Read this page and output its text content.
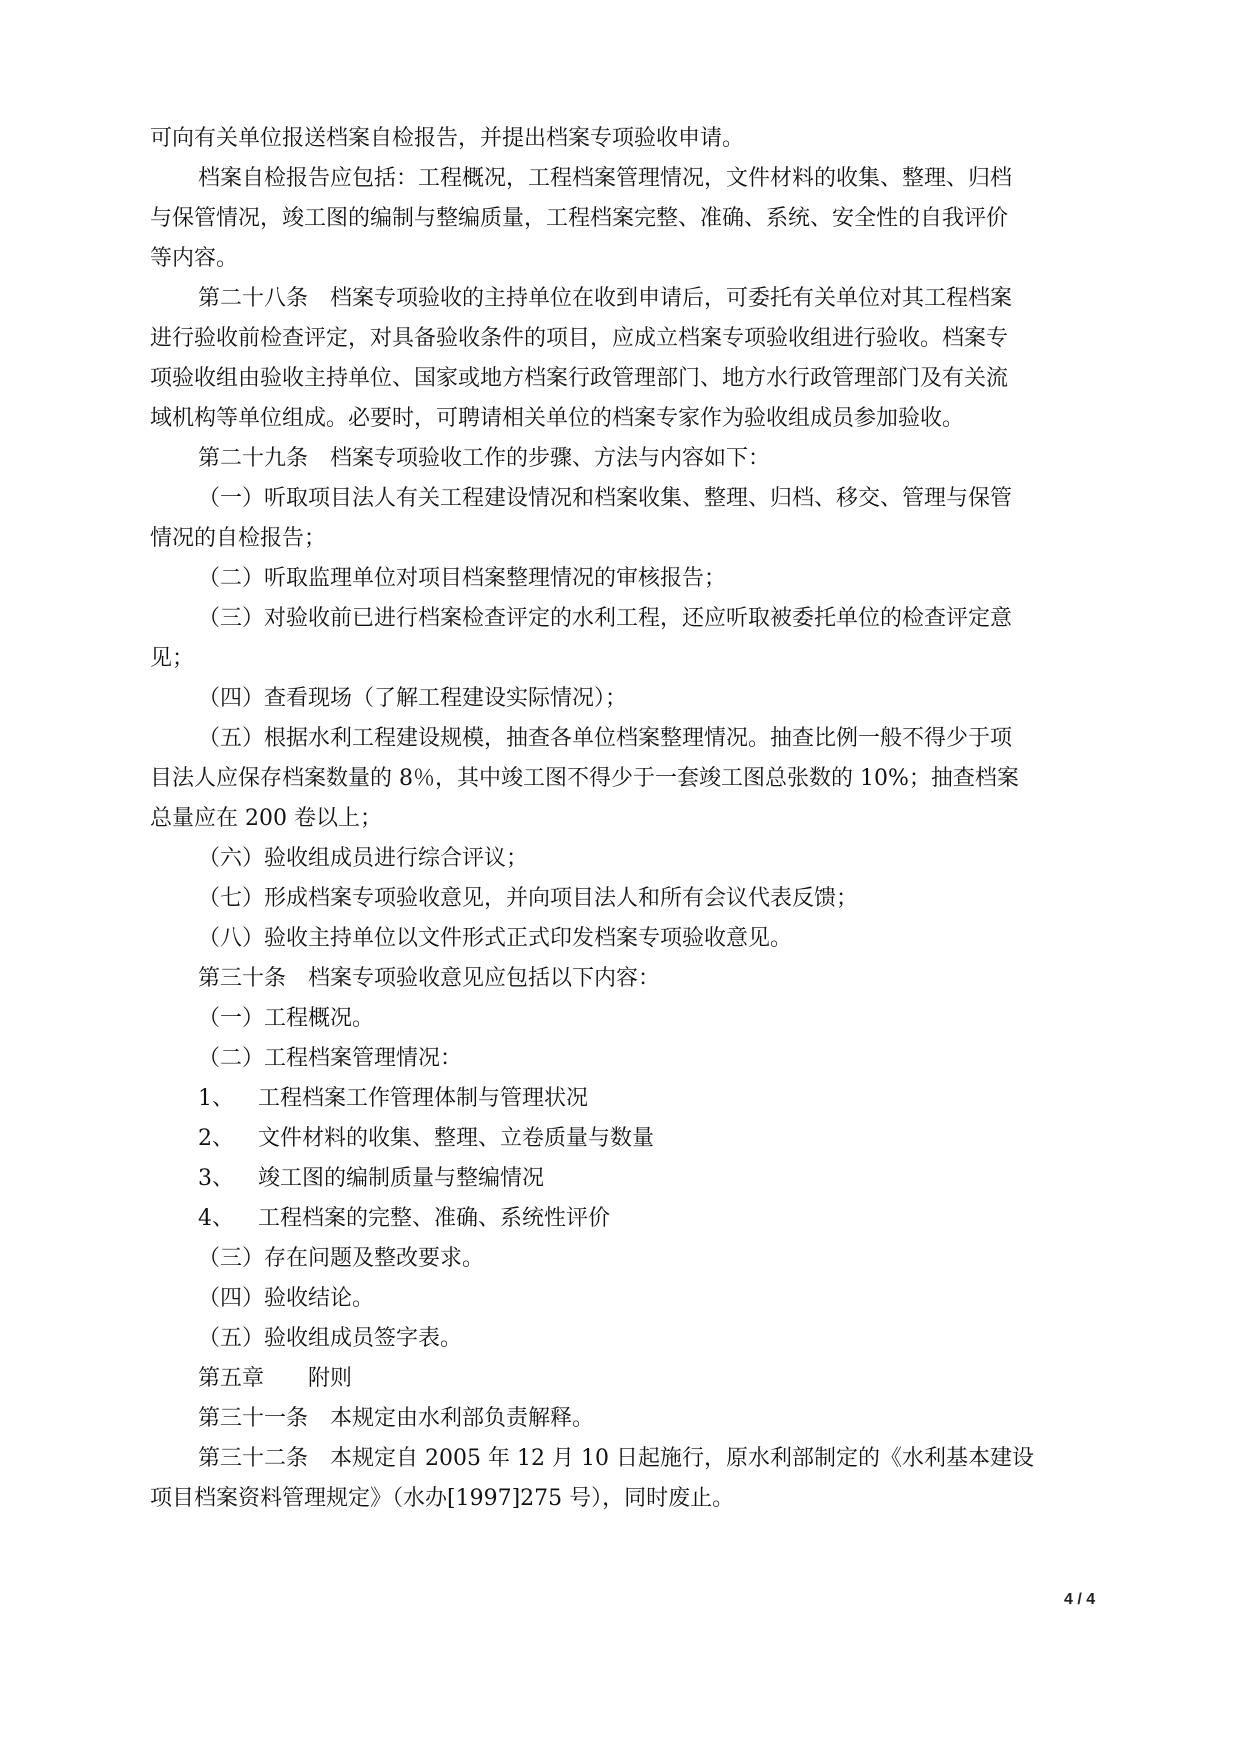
可向有关单位报送档案自检报告，并提出档案专项验收申请。
档案自检报告应包括：工程概况，工程档案管理情况，文件材料的收集、整理、归档
与保管情况，竣工图的编制与整编质量，工程档案完整、准确、系统、安全性的自我评价
等内容。
第二十八条 档案专项验收的主持单位在收到申请后，可委托有关单位对其工程档案
进行验收前检查评定，对具备验收条件的项目，应成立档案专项验收组进行验收。档案专
项验收组由验收主持单位、国家或地方档案行政管理部门、地方水行政管理部门及有关流
域机构等单位组成。必要时，可聘请相关单位的档案专家作为验收组成员参加验收。
第二十九条 档案专项验收工作的步骤、方法与内容如下：
（一）听取项目法人有关工程建设情况和档案收集、整理、归档、移交、管理与保管
情况的自检报告；
（二）听取监理单位对项目档案整理情况的审核报告；
（三）对验收前已进行档案检查评定的水利工程，还应听取被委托单位的检查评定意
见；
（四）查看现场（了解工程建设实际情况）；
（五）根据水利工程建设规模，抽查各单位档案整理情况。抽查比例一般不得少于项
目法人应保存档案数量的 8％，其中竣工图不得少于一套竣工图总张数的 10%；抽查档案
总量应在 200 卷以上；
（六）验收组成员进行综合评议；
（七）形成档案专项验收意见，并向项目法人和所有会议代表反馈；
（八）验收主持单位以文件形式正式印发档案专项验收意见。
第三十条 档案专项验收意见应包括以下内容：
（一）工程概况。
（二）工程档案管理情况：
1、 工程档案工作管理体制与管理状况
2、 文件材料的收集、整理、立卷质量与数量
3、 竣工图的编制质量与整编情况
4、 工程档案的完整、准确、系统性评价
（三）存在问题及整改要求。
（四）验收结论。
（五）验收组成员签字表。
第五章 附则
第三十一条 本规定由水利部负责解释。
第三十二条 本规定自 2005 年 12 月 10 日起施行，原水利部制定的《水利基本建设
项目档案资料管理规定》（水办[1997]275 号），同时废止。
4 / 4
